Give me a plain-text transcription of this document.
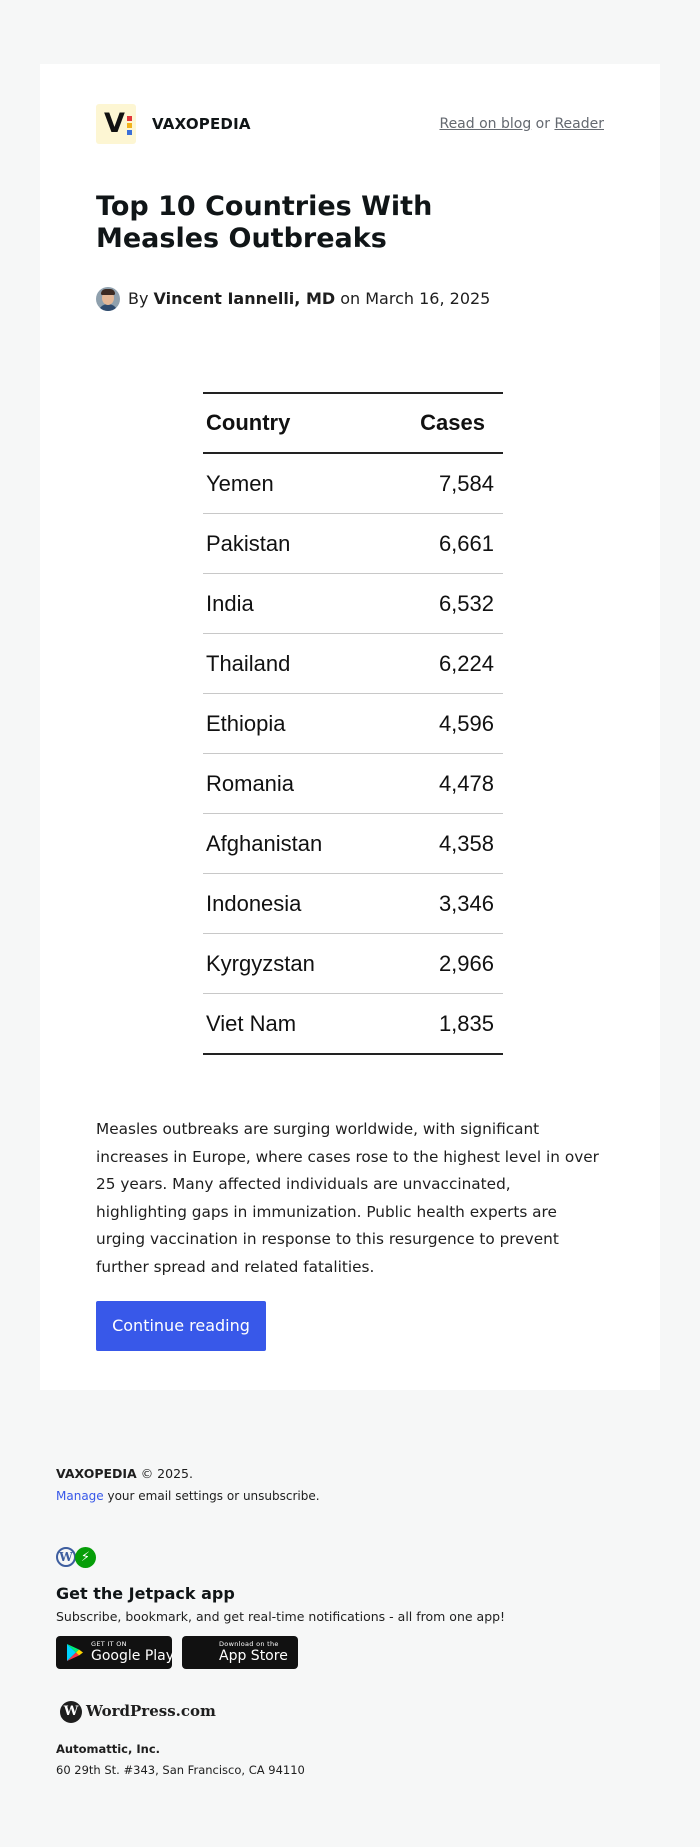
V VAXOPEDIA	Read on blog or Reader
Top 10 Countries With Measles Outbreaks
By Vincent Iannelli, MD on March 16, 2025
Country	Cases
Yemen	7,584
Pakistan	6,661
India	6,532
Thailand	6,224
Ethiopia	4,596
Romania	4,478
Afghanistan	4,358
Indonesia	3,346
Kyrgyzstan	2,966
Viet Nam	1,835

Measles outbreaks are surging worldwide, with significant increases in Europe, where cases rose to the highest level in over 25 years. Many affected individuals are unvaccinated, highlighting gaps in immunization. Public health experts are urging vaccination in response to this resurgence to prevent further spread and related fatalities.

Continue reading
VAXOPEDIA © 2025.
Manage your email settings or unsubscribe.
W ⚡
Get the Jetpack app
Subscribe, bookmark, and get real-time notifications - all from one app!
GET IT ON
Google Play
Download on the
App Store
W WordPress.com
Automattic, Inc.
60 29th St. #343, San Francisco, CA 94110
